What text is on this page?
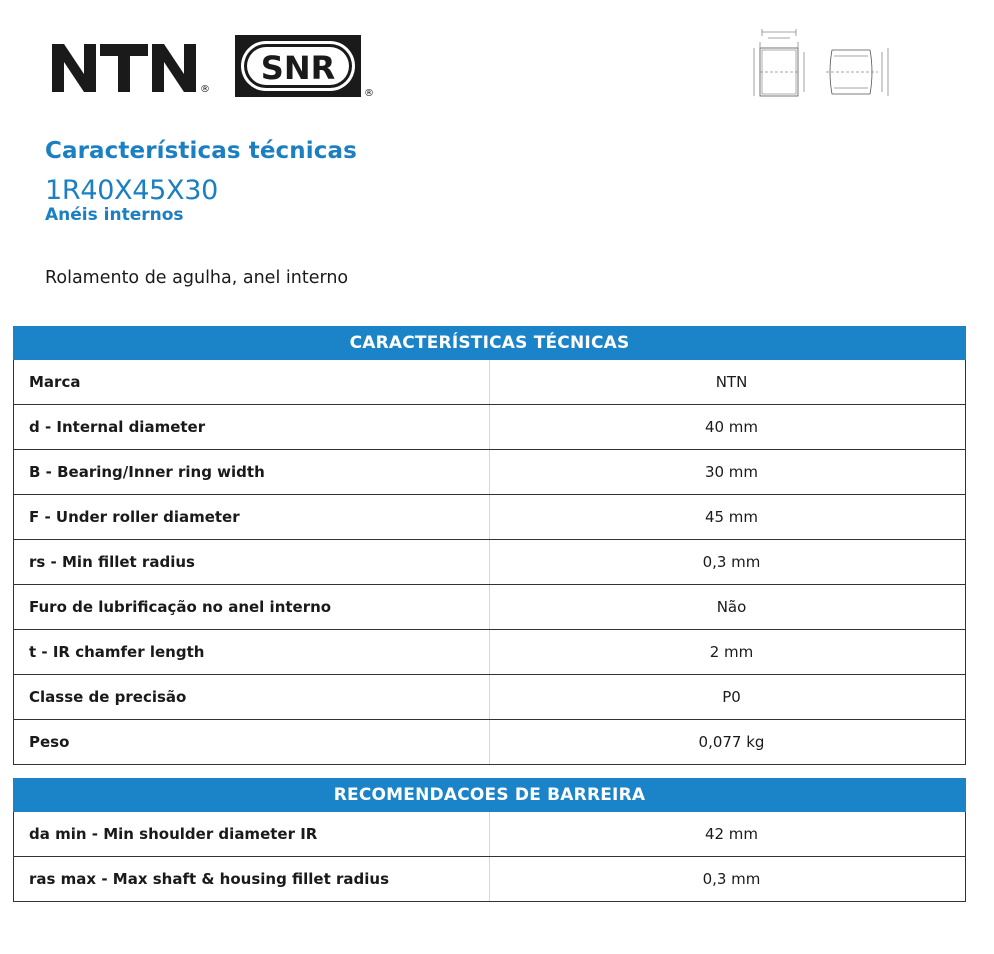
®
SNR
®
Características técnicas
1R40X45X30
Anéis internos

Rolamento de agulha, anel interno

CARACTERÍSTICAS TÉCNICAS	
Marca	NTN
d - Internal diameter	40 mm
B - Bearing/Inner ring width	30 mm
F - Under roller diameter	45 mm
rs - Min fillet radius	0,3 mm
Furo de lubrificação no anel interno	Não
t - IR chamfer length	2 mm
Classe de precisão	P0
Peso	0,077 kg
RECOMENDACOES DE BARREIRA	
da min - Min shoulder diameter IR	42 mm
ras max - Max shaft & housing fillet radius	0,3 mm
